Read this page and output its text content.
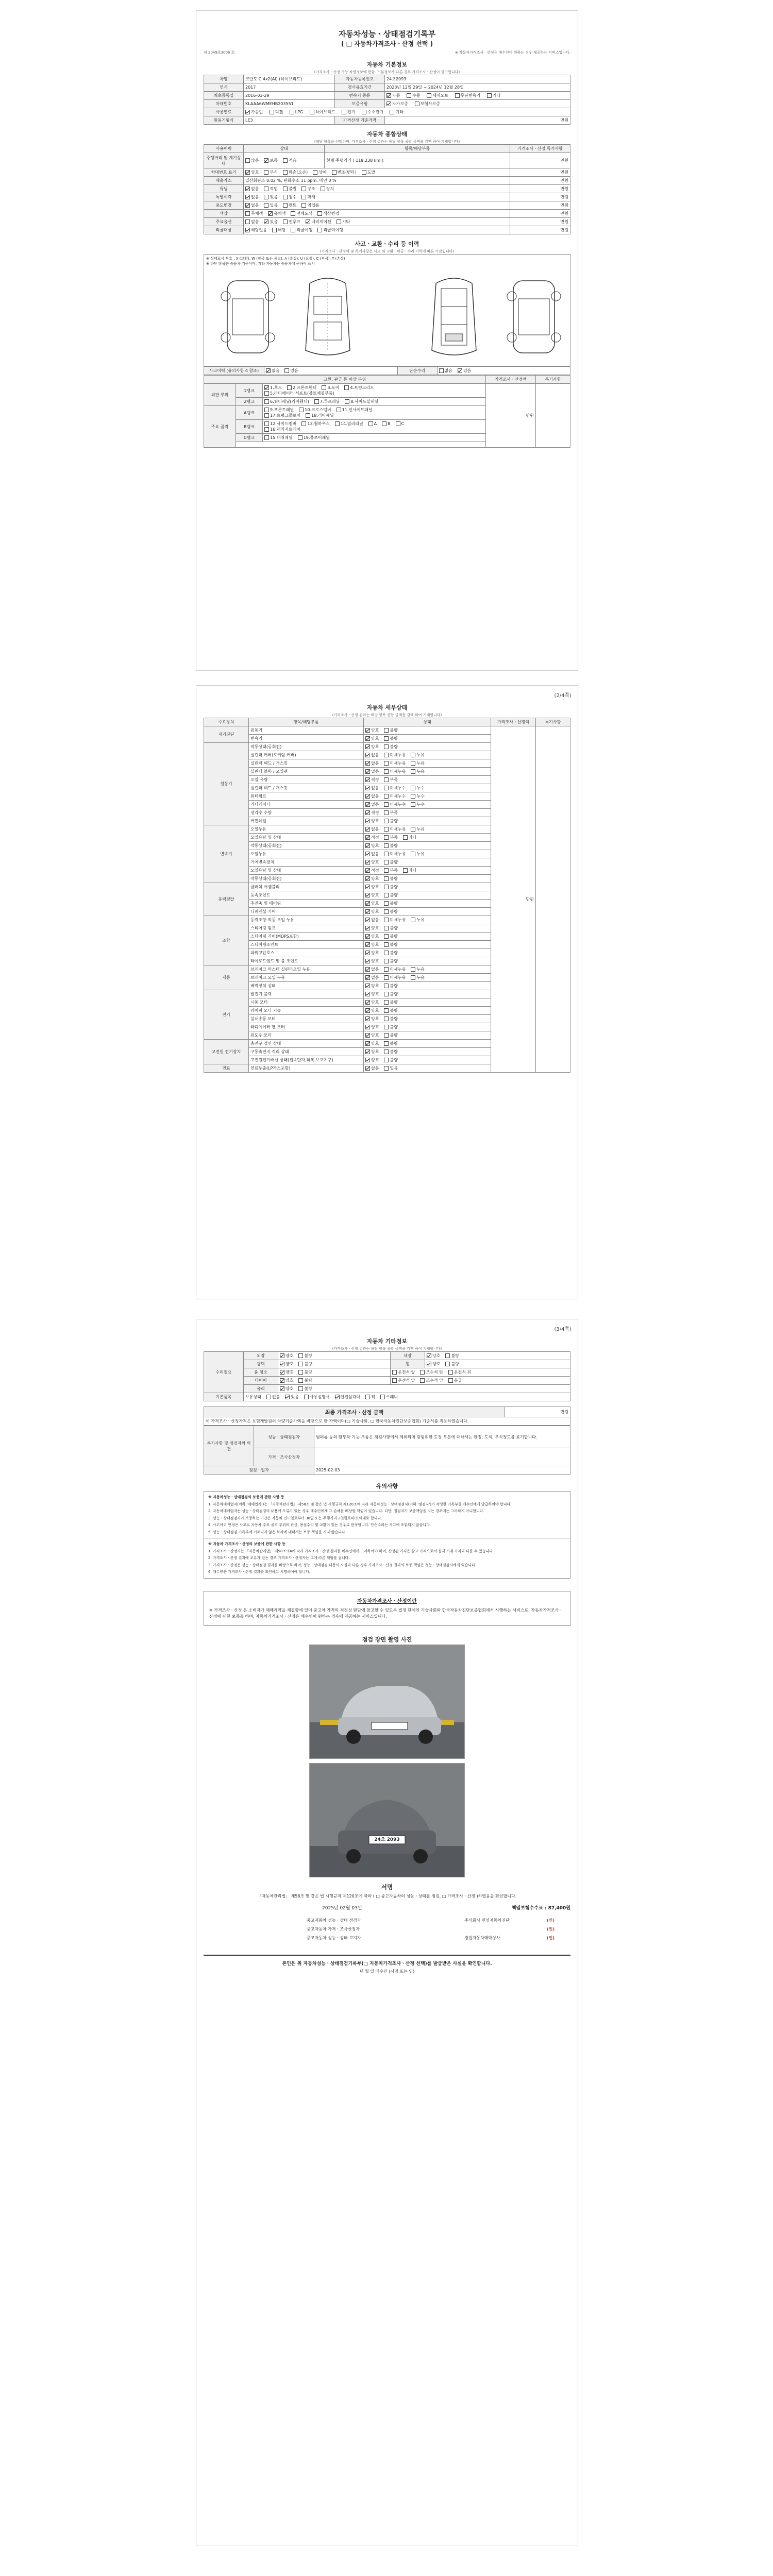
자동차성능ㆍ상태점검기록부
( □ 자동차가격조사ㆍ산정 선택 )
제 2049호3006 호	※ 자동차가격조사ㆍ산정은 매수인이 원하는 경우 제공하는 서비스입니다.
자동차 기본정보
(가격조사ㆍ산정 가능 차량정보에 한함. 기본정보가 다른 경우 가격조사ㆍ산정이 불가합니다)
차명	코란도 C 4x2(Ai) (하이브리드)	자동차등록번호	24오2093
연식	2017	검사유효기간	2023년 12월 29일 ~ 2024년 12월 28일
최초등록일	2016-03-29	변속기 종류	자동 수동 세미오토 무단변속기 기타
차대번호	KLAAA6WMEHB203551	보증유형	자가보증 보험사보증
사용연료	가솔린 디젤 LPG 하이브리드 전기 수소전기 기타		
원동기형식	LE3	가격산정 기준가격	만원
자동차 종합상태
(해당 항목을 선택하며, 가격조사ㆍ산정 결과는 해당 항목 종합 금액을 감액 하여 기재합니다)
사용이력	상태	항목/해당부품	가격조사ㆍ산정 특기사항
주행거리 및 계기상태	많음 보통 적음	현재 주행거리 [ 119,238 km ]	만원
차대번호 표기	양호 부식 훼손(오손) 상이 변조(변타) 도말		만원
배출가스	일산화탄소 0.02 %, 탄화수소 11 ppm, 매연 0 %		만원
튜닝	없음 적법 불법 구조 장치		만원
특별이력	없음 있음 침수 화재		만원
용도변경	없음 있음 렌트 영업용		만원
색상	무채색 유채색 전체도색 색상변경		만원
주요옵션	없음 있음 썬루프 네비게이션 기타		만원
리콜대상	해당없음 해당 리콜이행 리콜미이행		만원
사고ㆍ교환ㆍ수리 등 이력
(가격조사ㆍ산정액 및 특기사항은 사고 외 교환ㆍ판금ㆍ수리 이력에 따른 가감입니다)
※ 상태표시 부호 : X (교환), W (판금 또는 용접), A (흠집), U (요철), C (부식), T (손상)
※ 하단 항목은 승용차 기준이며, 기타 자동차는 승용차에 준하여 표시
사고이력 (유의사항 4 참조)	없음	있음	단순수리	없음	있음
교환, 판금 등 이상 부위			가격조사ㆍ산정액	특기사항
외판 부위	1랭크	1.후드 2.프론트휀더 3.도어 4.트렁크리드
5.라디에이터 서포트(볼트체결부품)	만원	
	2랭크	6.쿼터패널(리어휀더) 7.루프패널 8.사이드실패널		
주요 골격	A랭크	9.프론트패널 10.크로스멤버 11.인사이드패널
17.트렁크플로어 18.리어패널		
	B랭크	12.사이드멤버 13.휠하우스 14.필러패널 A B C
16.패키지트레이		
	C랭크	15.대쉬패널 19.플로어패널		

(2/4쪽)
자동차 세부상태
(가격조사ㆍ산정 결과는 해당 항목 종합 금액을 감액 하여 기재합니다)
주요장치	항목/해당부품	상태	가격조사ㆍ산정액	특기사항
자기진단	원동기	양호 불량	만원	
	변속기	양호 불량		
원동기	작동상태(공회전)	양호 불량		
	실린더 커버(로커암 커버)	없음 미세누유 누유		
	실린더 헤드 / 개스킷	없음 미세누유 누유		
	실린더 블록 / 오일팬	없음 미세누유 누유		
	오일 유량	적정 부족		
	실린더 헤드 / 개스킷	없음 미세누수 누수		
	워터펌프	없음 미세누수 누수		
	라디에이터	없음 미세누수 누수		
	냉각수 수량	적정 부족		
	커먼레일	양호 불량		
변속기	오일누유	없음 미세누유 누유		
	오일유량 및 상태	적정 부족 과다		
	작동상태(공회전)	양호 불량		
	오일누유	없음 미세누유 누유		
	기어변속장치	양호 불량		
	오일유량 및 상태	적정 부족 과다		
	작동상태(공회전)	양호 불량		
동력전달	클러치 어셈블리	양호 불량		
	등속조인트	양호 불량		
	추진축 및 베어링	양호 불량		
	디퍼렌셜 기어	양호 불량		
조향	동력조향 작동 오일 누유	없음 미세누유 누유		
	스티어링 펌프	양호 불량		
	스티어링 기어(MDPS포함)	양호 불량		
	스티어링조인트	양호 불량		
	파워고압호스	양호 불량		
	타이로드엔드 및 볼 조인트	양호 불량		
제동	브레이크 마스터 실린더오일 누유	없음 미세누유 누유		
	브레이크 오일 누유	없음 미세누유 누유		
	배력장치 상태	양호 불량		
전기	발전기 출력	양호 불량		
	시동 모터	양호 불량		
	와이퍼 모터 기능	양호 불량		
	실내송풍 모터	양호 불량		
	라디에이터 팬 모터	양호 불량		
	윈도우 모터	양호 불량		
고전원 전기장치	충전구 절연 상태	양호 불량		
	구동축전지 격리 상태	양호 불량		
	고전원전기배선 상태(접속단자,피복,보호기구)	양호 불량		
연료	연료누출(LP가스포함)	없음 있음		
(3/4쪽)
자동차 기타정보
(가격조사ㆍ산정 결과는 해당 항목 종합 금액을 감액 하여 기재합니다)
수리필요	외장	양호 불량	내장	양호 불량
	광택	양호 불량	휠	양호 불량
	룸 청소	양호 불량	운전석 앞 조수석 앞 운전석 뒤	
	타이어	양호 불량	운전석 앞 조수석 앞 응급	
	유리	양호 불량		
기본품목	보유상태 없음 있음 사용설명서 안전삼각대 잭 스패너			
최종 가격조사ㆍ산정 금액	만원
이 가격조사ㆍ산정가격은 보험개발원의 차량기준가액을 바탕으로 한 가액이며(□ 기술사회, □ 한국자동차진단보증협회) 기준서를 적용하였습니다.
특기사항 및 점검자의 의견	성능ㆍ상태점검자	범퍼류 등의 탈부착 기능 부품은 점검사항에서 제외되며 광범위한 도장 부분에 대해서는 판정, 도색, 부식정도를 표기합니다.
	가격ㆍ조사산정자	
점검ㆍ일자		2025-02-03
유의사항
※ 자동차성능ㆍ상태점검의 보증에 관한 사항 등
1. 자동차매매업자(이하 '매매업자')는 「자동차관리법」 제58조 및 같은 법 시행규칙 제120조에 따라 자동차성능ㆍ상태점검자(이하 '점검자')가 작성한 기록부를 매수인에게 발급하여야 합니다.
2. 자동차매매업자는 성능ㆍ상태점검의 내용에 오류가 있는 경우 매수인에게 그 손해를 배상할 책임이 있습니다. 다만, 점검자가 보증책임을 지는 경우에는 그러하지 아니합니다.
3. 성능ㆍ상태점검자가 보증하는 기간은 자동차 인도일로부터 30일 또는 주행거리 2천킬로미터 이내로 합니다.
4. 사고이력 인정은 사고로 자동차 주요 골격 부위의 판금, 용접수리 및 교환이 있는 경우로 한정합니다. 단순수리는 사고에 포함되지 않습니다.
5. 성능ㆍ상태점검 기록부에 기재되지 않은 하자에 대해서는 보증 책임을 지지 않습니다.
※ 자동차 가격조사ㆍ산정의 보증에 관한 사항 등
1. 가격조사ㆍ산정자는 「자동차관리법」 제58조의4에 따라 가격조사ㆍ산정 결과를 매수인에게 고지하여야 하며, 산정된 가격은 참고 가격으로서 실제 거래 가격과 다를 수 있습니다.
2. 가격조사ㆍ산정 결과에 오류가 있는 경우 가격조사ㆍ산정자는 그에 따른 책임을 집니다.
3. 가격조사ㆍ산정은 성능ㆍ상태점검 결과를 바탕으로 하며, 성능ㆍ상태점검 내용이 사실과 다른 경우 가격조사ㆍ산정 결과의 보증 책임은 성능ㆍ상태점검자에게 있습니다.
4. 매수인은 가격조사ㆍ산정 결과를 확인하고 서명하여야 합니다.
자동차가격조사ㆍ산정이란
※ 가격조사ㆍ산정 은 소비자가 매매계약을 체결함에 있어 중고차 가격의 적정성 판단에 참고할 수 있도록 법정 단체인 기술사회와 한국자동차진단보증협회에서 시행하는 서비스로, 자동차가격조사ㆍ산정에 대한 보증을 하며, 자동차가격조사ㆍ산정은 매수인이 원하는 경우에 제공하는 서비스입니다.
점검 장면 촬영 사진
24오 2093
서명
「자동차관리법」 제58조 및 같은 법 시행규칙 제120조에 따라 ( □ 중고자동차의 성능ㆍ상태를 점검, □ 가격조사ㆍ산정 )하였음을 확인합니다.
2025년 02월 03일	책임보험수수료 : 87,400원
중고자동차 성능ㆍ상태 점검자	주식회사 민영자동차진단	(인)
중고자동차 가격ㆍ조사산정자		(인)
중고자동차 성능ㆍ상태 고지자	경원자동차매매상사	(인)
본인은 위 자동차성능ㆍ상태점검기록부(□ 자동차가격조사ㆍ산정 선택)를 발급받은 사실을 확인합니다.
년 월 일 매수인 (서명 또는 인)
